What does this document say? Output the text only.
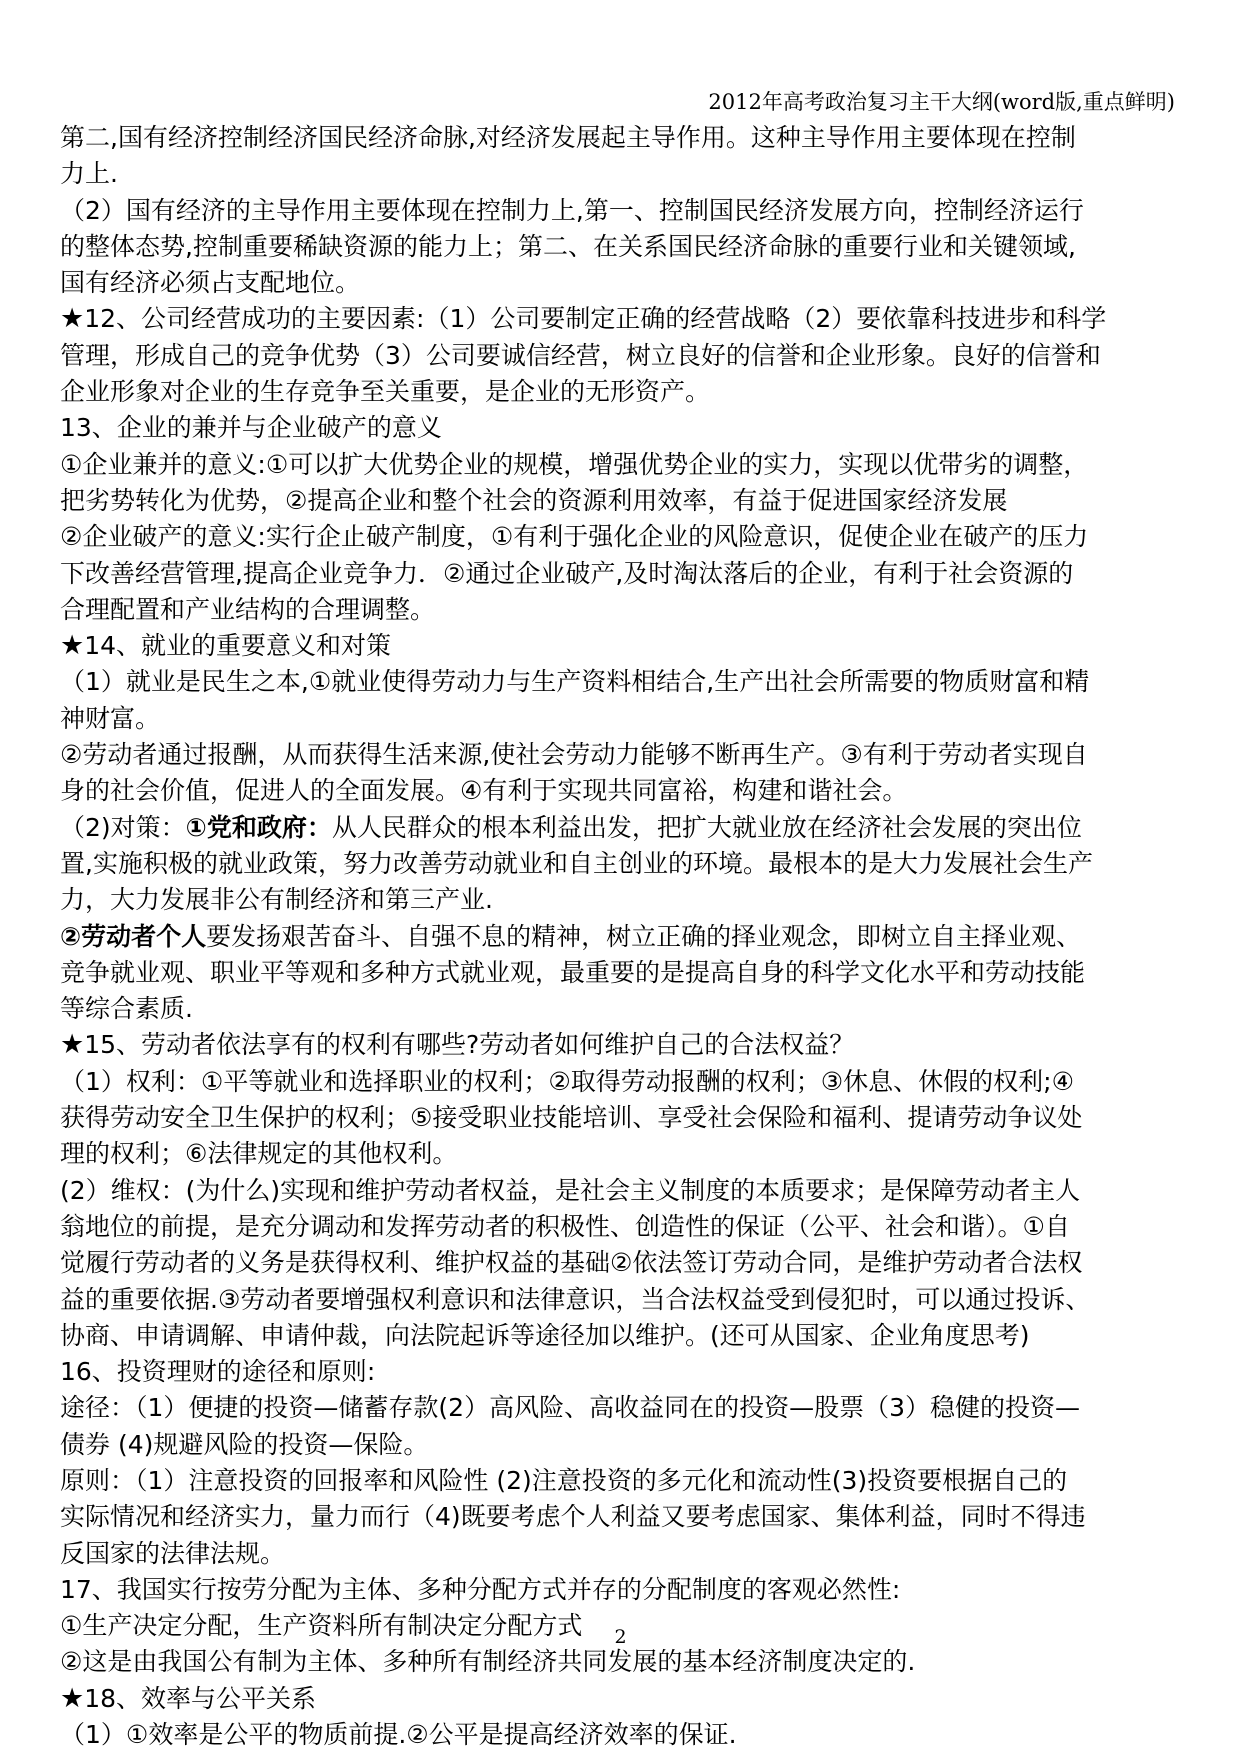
2012年高考政治复习主干大纲(word版,重点鲜明)
第二,国有经济控制经济国民经济命脉,对经济发展起主导作用。这种主导作用主要体现在控制
力上.
（2）国有经济的主导作用主要体现在控制力上,第一、控制国民经济发展方向，控制经济运行
的整体态势,控制重要稀缺资源的能力上；第二、在关系国民经济命脉的重要行业和关键领域,
国有经济必须占支配地位。
★12、公司经营成功的主要因素:（1）公司要制定正确的经营战略（2）要依靠科技进步和科学
管理，形成自己的竞争优势（3）公司要诚信经营，树立良好的信誉和企业形象。良好的信誉和
企业形象对企业的生存竞争至关重要，是企业的无形资产。
13、企业的兼并与企业破产的意义
①企业兼并的意义:①可以扩大优势企业的规模，增强优势企业的实力，实现以优带劣的调整，
把劣势转化为优势，②提高企业和整个社会的资源利用效率，有益于促进国家经济发展
②企业破产的意义:实行企止破产制度，①有利于强化企业的风险意识，促使企业在破产的压力
下改善经营管理,提高企业竞争力．②通过企业破产,及时淘汰落后的企业，有利于社会资源的
合理配置和产业结构的合理调整。
★14、就业的重要意义和对策
（1）就业是民生之本,①就业使得劳动力与生产资料相结合,生产出社会所需要的物质财富和精
神财富。
②劳动者通过报酬，从而获得生活来源,使社会劳动力能够不断再生产。③有利于劳动者实现自
身的社会价值，促进人的全面发展。④有利于实现共同富裕，构建和谐社会。
（2)对策：①党和政府：从人民群众的根本利益出发，把扩大就业放在经济社会发展的突出位
置,实施积极的就业政策，努力改善劳动就业和自主创业的环境。最根本的是大力发展社会生产
力，大力发展非公有制经济和第三产业.
②劳动者个人要发扬艰苦奋斗、自强不息的精神，树立正确的择业观念，即树立自主择业观、
竞争就业观、职业平等观和多种方式就业观，最重要的是提高自身的科学文化水平和劳动技能
等综合素质.
★15、劳动者依法享有的权利有哪些?劳动者如何维护自己的合法权益？
（1）权利：①平等就业和选择职业的权利；②取得劳动报酬的权利；③休息、休假的权利;④
获得劳动安全卫生保护的权利；⑤接受职业技能培训、享受社会保险和福利、提请劳动争议处
理的权利；⑥法律规定的其他权利。
(2）维权：(为什么)实现和维护劳动者权益，是社会主义制度的本质要求；是保障劳动者主人
翁地位的前提，是充分调动和发挥劳动者的积极性、创造性的保证（公平、社会和谐）。①自
觉履行劳动者的义务是获得权利、维护权益的基础②依法签订劳动合同，是维护劳动者合法权
益的重要依据.③劳动者要增强权利意识和法律意识，当合法权益受到侵犯时，可以通过投诉、
协商、申请调解、申请仲裁，向法院起诉等途径加以维护。(还可从国家、企业角度思考)
16、投资理财的途径和原则:
途径：（1）便捷的投资—储蓄存款(2）高风险、高收益同在的投资—股票（3）稳健的投资—
债券 (4)规避风险的投资—保险。
原则：（1）注意投资的回报率和风险性 (2)注意投资的多元化和流动性(3)投资要根据自己的
实际情况和经济实力，量力而行（4)既要考虑个人利益又要考虑国家、集体利益，同时不得违
反国家的法律法规。
17、我国实行按劳分配为主体、多种分配方式并存的分配制度的客观必然性:
①生产决定分配，生产资料所有制决定分配方式
②这是由我国公有制为主体、多种所有制经济共同发展的基本经济制度决定的.
★18、效率与公平关系
（1）①效率是公平的物质前提.②公平是提高经济效率的保证.
2
